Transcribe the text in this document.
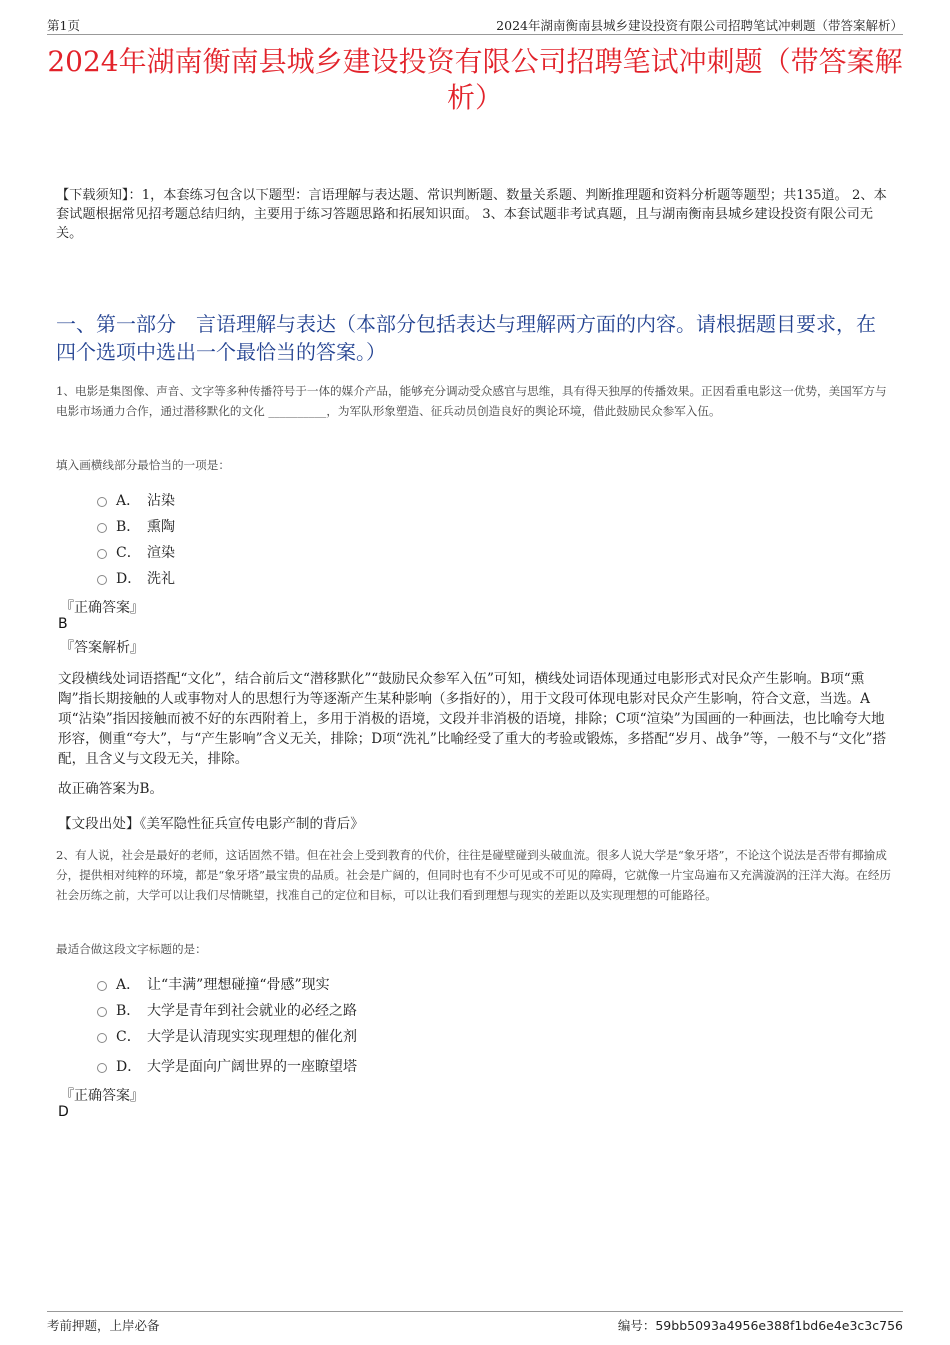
第1页	2024年湖南衡南县城乡建设投资有限公司招聘笔试冲刺题（带答案解析）
2024年湖南衡南县城乡建设投资有限公司招聘笔试冲刺题（带答案解析）
【下载须知】：1，本套练习包含以下题型：言语理解与表达题、常识判断题、数量关系题、判断推理题和资料分析题等题型；共135道。 2、本套试题根据常见招考题总结归纳，主要用于练习答题思路和拓展知识面。 3、本套试题非考试真题，且与湖南衡南县城乡建设投资有限公司无关。
一、第一部分　言语理解与表达（本部分包括表达与理解两方面的内容。请根据题目要求，在四个选项中选出一个最恰当的答案。）
1、电影是集图像、声音、文字等多种传播符号于一体的媒介产品，能够充分调动受众感官与思维，具有得天独厚的传播效果。正因看重电影这一优势，美国军方与电影市场通力合作，通过潜移默化的文化 __________，为军队形象塑造、征兵动员创造良好的舆论环境，借此鼓励民众参军入伍。
填入画横线部分最恰当的一项是：
A． 沾染
B． 熏陶
C． 渲染
D． 洗礼
『正确答案』
B
『答案解析』
文段横线处词语搭配“文化”，结合前后文“潜移默化”“鼓励民众参军入伍”可知，横线处词语体现通过电影形式对民众产生影响。B项“熏陶”指长期接触的人或事物对人的思想行为等逐渐产生某种影响（多指好的），用于文段可体现电影对民众产生影响，符合文意，当选。A项“沾染”指因接触而被不好的东西附着上，多用于消极的语境，文段并非消极的语境，排除；C项“渲染”为国画的一种画法，也比喻夸大地形容，侧重“夸大”，与“产生影响”含义无关，排除；D项“洗礼”比喻经受了重大的考验或锻炼，多搭配“岁月、战争”等，一般不与“文化”搭配，且含义与文段无关，排除。
故正确答案为B。
【文段出处】《美军隐性征兵宣传电影产制的背后》
2、有人说，社会是最好的老师，这话固然不错。但在社会上受到教育的代价，往往是碰壁碰到头破血流。很多人说大学是“象牙塔”，不论这个说法是否带有揶揄成分，提供相对纯粹的环境，都是“象牙塔”最宝贵的品质。社会是广阔的，但同时也有不少可见或不可见的障碍，它就像一片宝岛遍布又充满漩涡的汪洋大海。在经历社会历练之前，大学可以让我们尽情眺望，找准自己的定位和目标，可以让我们看到理想与现实的差距以及实现理想的可能路径。
最适合做这段文字标题的是：
A． 让“丰满”理想碰撞“骨感”现实
B． 大学是青年到社会就业的必经之路
C． 大学是认清现实实现理想的催化剂
D． 大学是面向广阔世界的一座瞭望塔
『正确答案』
D
考前押题，上岸必备	编号：59bb5093a4956e388f1bd6e4e3c3c756
